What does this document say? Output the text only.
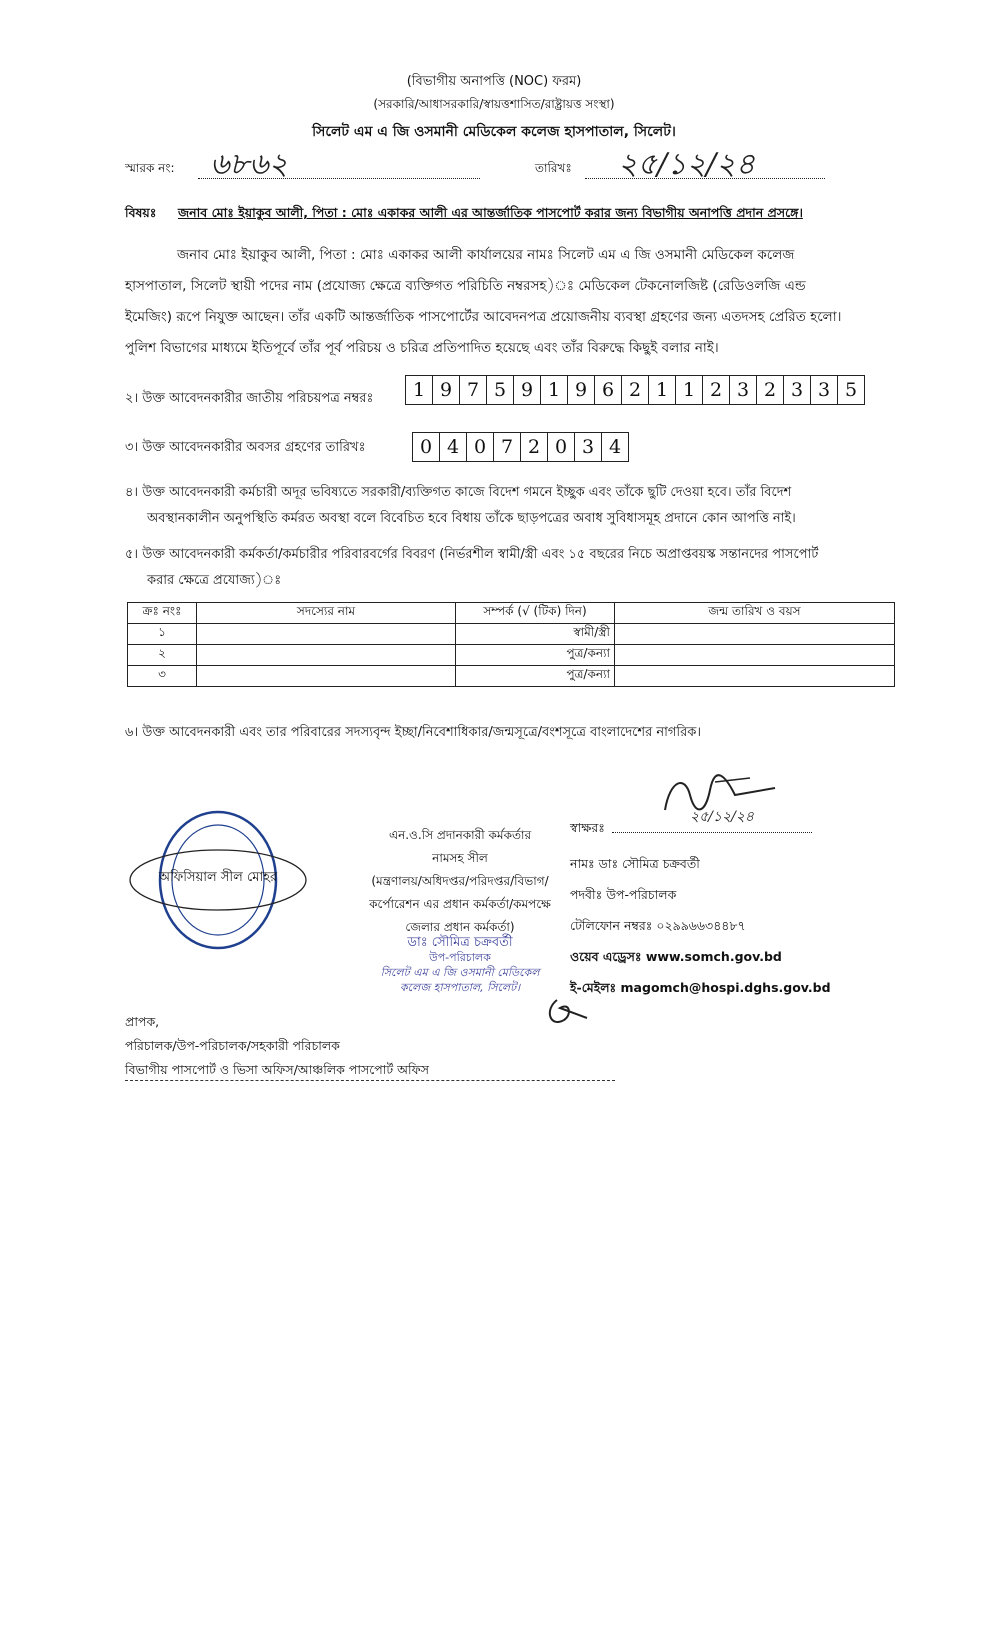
(বিভাগীয় অনাপত্তি (NOC) ফরম)
(সরকারি/আধাসরকারি/স্বায়ত্তশাসিত/রাষ্ট্রায়ত্ত সংস্থা)
সিলেট এম এ জি ওসমানী মেডিকেল কলেজ হাসপাতাল, সিলেট।
স্মারক নং: ৬৮৬২	তারিখঃ ২৫/১২/২৪
বিষয়ঃ জনাব মোঃ ইয়াকুব আলী, পিতা : মোঃ একাকর আলী এর আন্তর্জাতিক পাসপোর্ট করার জন্য বিভাগীয় অনাপত্তি প্রদান প্রসঙ্গে।
জনাব মোঃ ইয়াকুব আলী, পিতা : মোঃ একাকর আলী কার্যালয়ের নামঃ সিলেট এম এ জি ওসমানী মেডিকেল কলেজ
হাসপাতাল, সিলেট স্থায়ী পদের নাম (প্রযোজ্য ক্ষেত্রে ব্যক্তিগত পরিচিতি নম্বরসহ)ঃ মেডিকেল টেকনোলজিষ্ট (রেডিওলজি এন্ড
ইমেজিং) রূপে নিযুক্ত আছেন। তাঁর একটি আন্তর্জাতিক পাসপোর্টের আবেদনপত্র প্রয়োজনীয় ব্যবস্থা গ্রহণের জন্য এতদসহ প্রেরিত হলো।
পুলিশ বিভাগের মাধ্যমে ইতিপূর্বে তাঁর পূর্ব পরিচয় ও চরিত্র প্রতিপাদিত হয়েছে এবং তাঁর বিরুদ্ধে কিছুই বলার নাই।
২। উক্ত আবেদনকারীর জাতীয় পরিচয়পত্র নম্বরঃ	1 9 7 5 9 1 9 6 2 1 1 2 3 2 3 3 5
৩। উক্ত আবেদনকারীর অবসর গ্রহণের তারিখঃ	0 4 0 7 2 0 3 4
৪। উক্ত আবেদনকারী কর্মচারী অদূর ভবিষ্যতে সরকারী/ব্যক্তিগত কাজে বিদেশ গমনে ইচ্ছুক এবং তাঁকে ছুটি দেওয়া হবে। তাঁর বিদেশ
অবস্থানকালীন অনুপস্থিতি কর্মরত অবস্থা বলে বিবেচিত হবে বিধায় তাঁকে ছাড়পত্রের অবাধ সুবিধাসমূহ প্রদানে কোন আপত্তি নাই।
৫। উক্ত আবেদনকারী কর্মকর্তা/কর্মচারীর পরিবারবর্গের বিবরণ (নির্ভরশীল স্বামী/স্ত্রী এবং ১৫ বছরের নিচে অপ্রাপ্তবয়স্ক সন্তানদের পাসপোর্ট
করার ক্ষেত্রে প্রযোজ্য)ঃ
ক্রঃ নংঃ	সদস্যের নাম	সম্পর্ক (√ (টিক) দিন)	জন্ম তারিখ ও বয়স
১		স্বামী/স্ত্রী	
২		পুত্র/কন্যা	
৩		পুত্র/কন্যা	
৬। উক্ত আবেদনকারী এবং তার পরিবারের সদস্যবৃন্দ ইচ্ছা/নিবেশাধিকার/জন্মসূত্রে/বংশসূত্রে বাংলাদেশের নাগরিক।
অফিসিয়াল সীল মোহর
এন.ও.সি প্রদানকারী কর্মকর্তার
নামসহ সীল
(মন্ত্রণালয়/অধিদপ্তর/পরিদপ্তর/বিভাগ/
কর্পোরেশন এর প্রধান কর্মকর্তা/কমপক্ষে
জেলার প্রধান কর্মকর্তা)
ডাঃ সৌমিত্র চক্রবর্তী
উপ-পরিচালক
সিলেট এম এ জি ওসমানী মেডিকেল
কলেজ হাসপাতাল, সিলেট।
২৫/১২/২৪
স্বাক্ষরঃ
নামঃ ডাঃ সৌমিত্র চক্রবর্তী
পদবীঃ উপ-পরিচালক
টেলিফোন নম্বরঃ ০২৯৯৬৬৩৪৪৮৭
ওয়েব এড্রেসঃ www.somch.gov.bd
ই-মেইলঃ magomch@hospi.dghs.gov.bd
প্রাপক,
পরিচালক/উপ-পরিচালক/সহকারী পরিচালক
বিভাগীয় পাসপোর্ট ও ভিসা অফিস/আঞ্চলিক পাসপোর্ট অফিস
